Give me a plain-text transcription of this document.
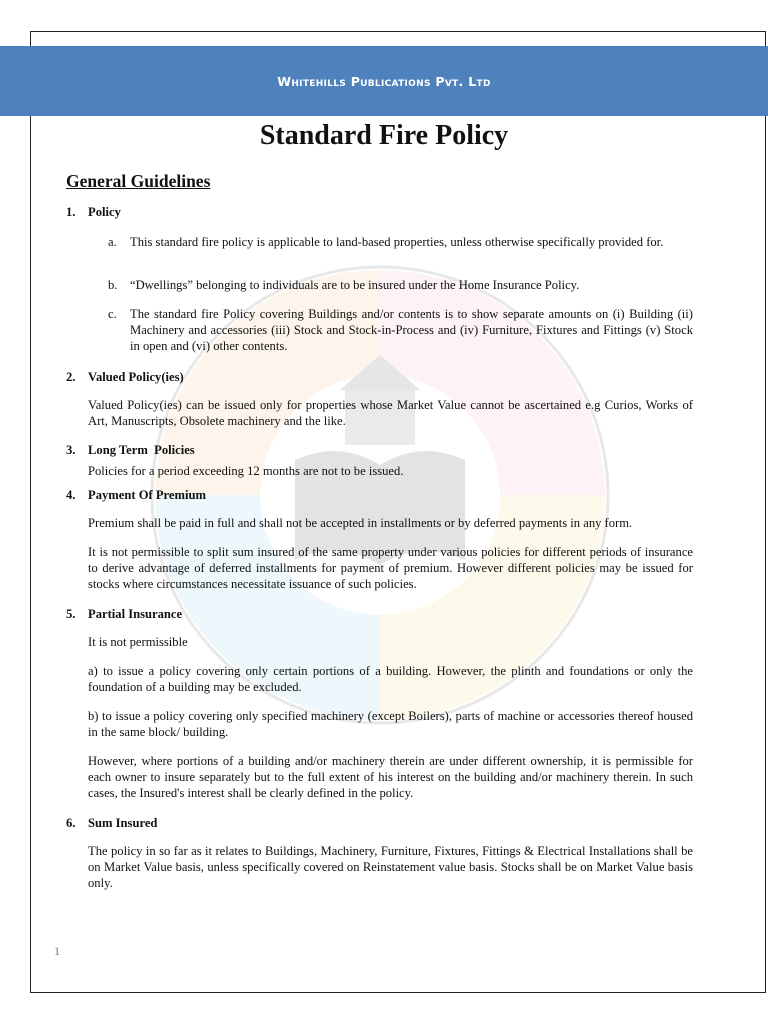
Whitehills Publications Pvt. Ltd
Standard Fire Policy
General Guidelines
1. Policy
a. This standard fire policy is applicable to land-based properties, unless otherwise specifically provided for.
b. “Dwellings” belonging to individuals are to be insured under the Home Insurance Policy.
c. The standard fire Policy covering Buildings and/or contents is to show separate amounts on (i) Building (ii) Machinery and accessories (iii) Stock and Stock-in-Process and (iv) Furniture, Fixtures and Fittings (v) Stock in open and (vi) other contents.
2. Valued Policy(ies)
Valued Policy(ies) can be issued only for properties whose Market Value cannot be ascertained e.g Curios, Works of Art, Manuscripts, Obsolete machinery and the like.
3. Long Term  Policies
Policies for a period exceeding 12 months are not to be issued.
4. Payment Of Premium
Premium shall be paid in full and shall not be accepted in installments or by deferred payments in any form.
It is not permissible to split sum insured of the same property under various policies for different periods of insurance to derive advantage of deferred installments for payment of premium. However different policies may be issued for stocks where circumstances necessitate issuance of such policies.
5. Partial Insurance
It is not permissible
a) to issue a policy covering only certain portions of a building. However, the plinth and foundations or only the foundation of a building may be excluded.
b) to issue a policy covering only specified machinery (except Boilers), parts of machine or accessories thereof housed in the same block/ building.
However, where portions of a building and/or machinery therein are under different ownership, it is permissible for each owner to insure separately but to the full extent of his interest on the building and/or machinery therein. In such cases, the Insured's interest shall be clearly defined in the policy.
6. Sum Insured
The policy in so far as it relates to Buildings, Machinery, Furniture, Fixtures, Fittings & Electrical Installations shall be on Market Value basis, unless specifically covered on Reinstatement value basis. Stocks shall be on Market Value basis only.
1
